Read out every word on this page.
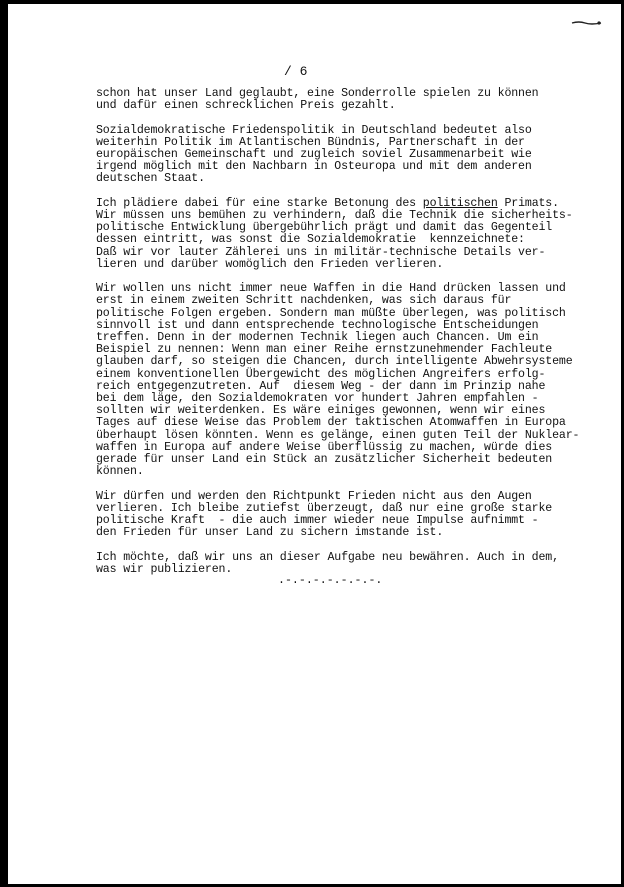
/ 6

schon hat unser Land geglaubt, eine Sonderrolle spielen zu können
und dafür einen schrecklichen Preis gezahlt.

Sozialdemokratische Friedenspolitik in Deutschland bedeutet also
weiterhin Politik im Atlantischen Bündnis, Partnerschaft in der
europäischen Gemeinschaft und zugleich soviel Zusammenarbeit wie
irgend möglich mit den Nachbarn in Osteuropa und mit dem anderen
deutschen Staat.

Ich plädiere dabei für eine starke Betonung des politischen Primats.
Wir müssen uns bemühen zu verhindern, daß die Technik die sicherheits-
politische Entwicklung übergebührlich prägt und damit das Gegenteil
dessen eintritt, was sonst die Sozialdemokratie  kennzeichnete:
Daß wir vor lauter Zählerei uns in militär-technische Details ver-
lieren und darüber womöglich den Frieden verlieren.

Wir wollen uns nicht immer neue Waffen in die Hand drücken lassen und
erst in einem zweiten Schritt nachdenken, was sich daraus für
politische Folgen ergeben. Sondern man müßte überlegen, was politisch
sinnvoll ist und dann entsprechende technologische Entscheidungen
treffen. Denn in der modernen Technik liegen auch Chancen. Um ein
Beispiel zu nennen: Wenn man einer Reihe ernstzunehmender Fachleute
glauben darf, so steigen die Chancen, durch intelligente Abwehrsysteme
einem konventionellen Übergewicht des möglichen Angreifers erfolg-
reich entgegenzutreten. Auf  diesem Weg - der dann im Prinzip nahe
bei dem läge, den Sozialdemokraten vor hundert Jahren empfahlen -
sollten wir weiterdenken. Es wäre einiges gewonnen, wenn wir eines
Tages auf diese Weise das Problem der taktischen Atomwaffen in Europa
überhaupt lösen könnten. Wenn es gelänge, einen guten Teil der Nuklear-
waffen in Europa auf andere Weise überflüssig zu machen, würde dies
gerade für unser Land ein Stück an zusätzlicher Sicherheit bedeuten
können.

Wir dürfen und werden den Richtpunkt Frieden nicht aus den Augen
verlieren. Ich bleibe zutiefst überzeugt, daß nur eine große starke
politische Kraft  - die auch immer wieder neue Impulse aufnimmt -
den Frieden für unser Land zu sichern imstande ist.

Ich möchte, daß wir uns an dieser Aufgabe neu bewähren. Auch in dem,
was wir publizieren.

.-.-.-.-.-.-.-.
